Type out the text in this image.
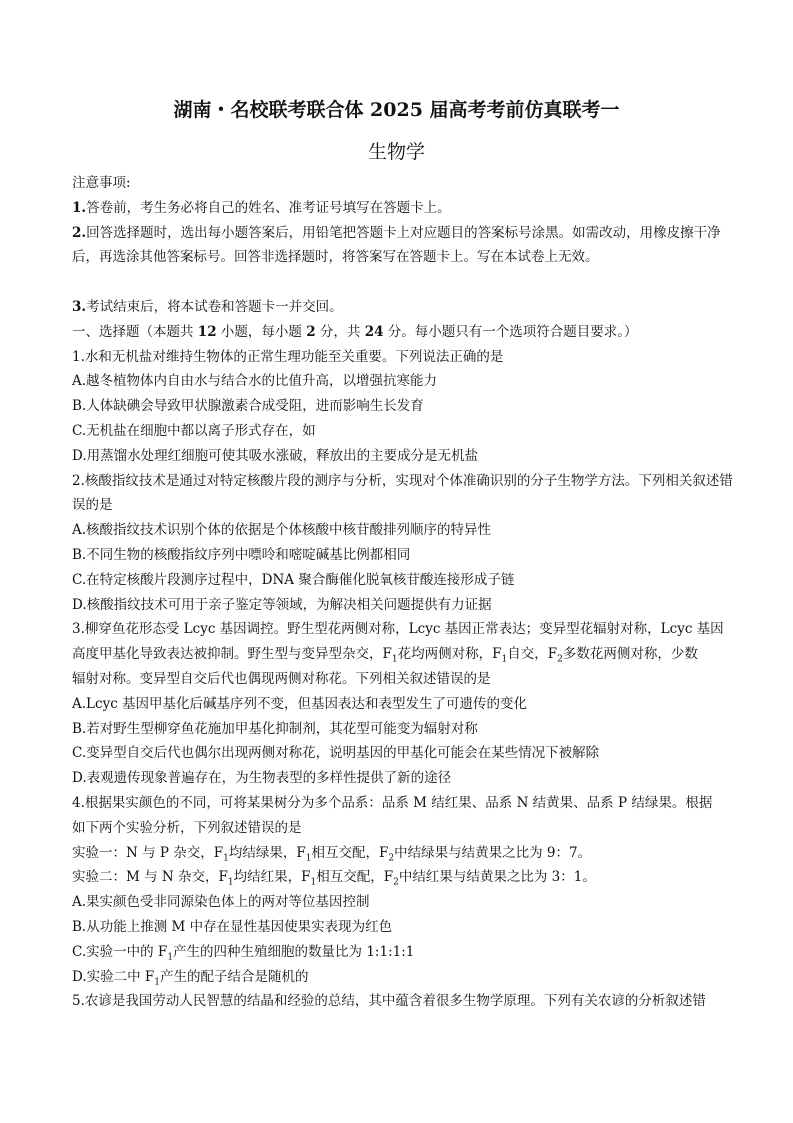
湖南・名校联考联合体 2025 届高考考前仿真联考一
生物学
注意事项:
1.答卷前，考生务必将自己的姓名、准考证号填写在答题卡上。
2.回答选择题时，选出每小题答案后，用铅笔把答题卡上对应题目的答案标号涂黑。如需改动，用橡皮擦干净后，再选涂其他答案标号。回答非选择题时，将答案写在答题卡上。写在本试卷上无效。
3.考试结束后，将本试卷和答题卡一并交回。
一、选择题（本题共 12 小题，每小题 2 分，共 24 分。每小题只有一个选项符合题目要求。）
1.水和无机盐对维持生物体的正常生理功能至关重要。下列说法正确的是
A.越冬植物体内自由水与结合水的比值升高，以增强抗寒能力
B.人体缺碘会导致甲状腺激素合成受阻，进而影响生长发育
C.无机盐在细胞中都以离子形式存在，如
D.用蒸馏水处理红细胞可使其吸水涨破，释放出的主要成分是无机盐
2.核酸指纹技术是通过对特定核酸片段的测序与分析，实现对个体准确识别的分子生物学方法。下列相关叙述错误的是
A.核酸指纹技术识别个体的依据是个体核酸中核苷酸排列顺序的特异性
B.不同生物的核酸指纹序列中嘌呤和嘧啶碱基比例都相同
C.在特定核酸片段测序过程中，DNA 聚合酶催化脱氧核苷酸连接形成子链
D.核酸指纹技术可用于亲子鉴定等领域，为解决相关问题提供有力证据
3.柳穿鱼花形态受 Lcyc 基因调控。野生型花两侧对称，Lcyc 基因正常表达；变异型花辐射对称，Lcyc 基因
高度甲基化导致表达被抑制。野生型与变异型杂交，$F_1$花均两侧对称，$F_1$自交，$F_2$多数花两侧对称，少数
辐射对称。变异型自交后代也偶现两侧对称花。下列相关叙述错误的是
A.Lcyc 基因甲基化后碱基序列不变，但基因表达和表型发生了可遗传的变化
B.若对野生型柳穿鱼花施加甲基化抑制剂，其花型可能变为辐射对称
C.变异型自交后代也偶尔出现两侧对称花，说明基因的甲基化可能会在某些情况下被解除
D.表观遗传现象普遍存在，为生物表型的多样性提供了新的途径
4.根据果实颜色的不同，可将某果树分为多个品系：品系 M 结红果、品系 N 结黄果、品系 P 结绿果。根据
如下两个实验分析，下列叙述错误的是
实验一：N 与 P 杂交，$F_1$均结绿果，$F_1$相互交配，$F_2$中结绿果与结黄果之比为 9：7。
实验二：M 与 N 杂交，$F_1$均结红果，$F_1$相互交配，$F_2$中结红果与结黄果之比为 3：1。
A.果实颜色受非同源染色体上的两对等位基因控制
B.从功能上推测 M 中存在显性基因使果实表现为红色
C.实验一中的 $F_1$产生的四种生殖细胞的数量比为 1:1:1:1
D.实验二中 $F_1$产生的配子结合是随机的
5.农谚是我国劳动人民智慧的结晶和经验的总结，其中蕴含着很多生物学原理。下列有关农谚的分析叙述错
